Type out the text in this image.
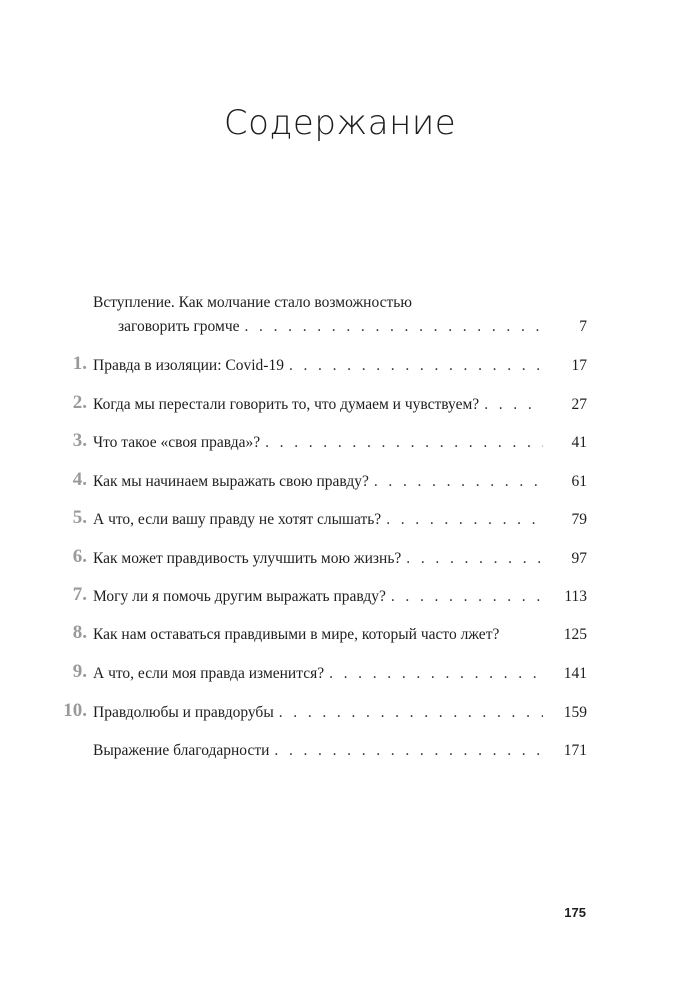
Содержание
Вступление. Как молчание стало возможностью
заговорить громче . . .	7
1. Правда в изоляции: Covid-19 . . .	17
2. Когда мы перестали говорить то, что думаем и чувствуем? . . .	27
3. Что такое «своя правда»? . . .	41
4. Как мы начинаем выражать свою правду? . . .	61
5. А что, если вашу правду не хотят слышать? . . .	79
6. Как может правдивость улучшить мою жизнь? . . .	97
7. Могу ли я помочь другим выражать правду? . . .	113
8. Как нам оставаться правдивыми в мире, который часто лжет?	125
9. А что, если моя правда изменится? . . .	141
10. Правдолюбы и правдорубы . . .	159
Выражение благодарности . . .	171
175
